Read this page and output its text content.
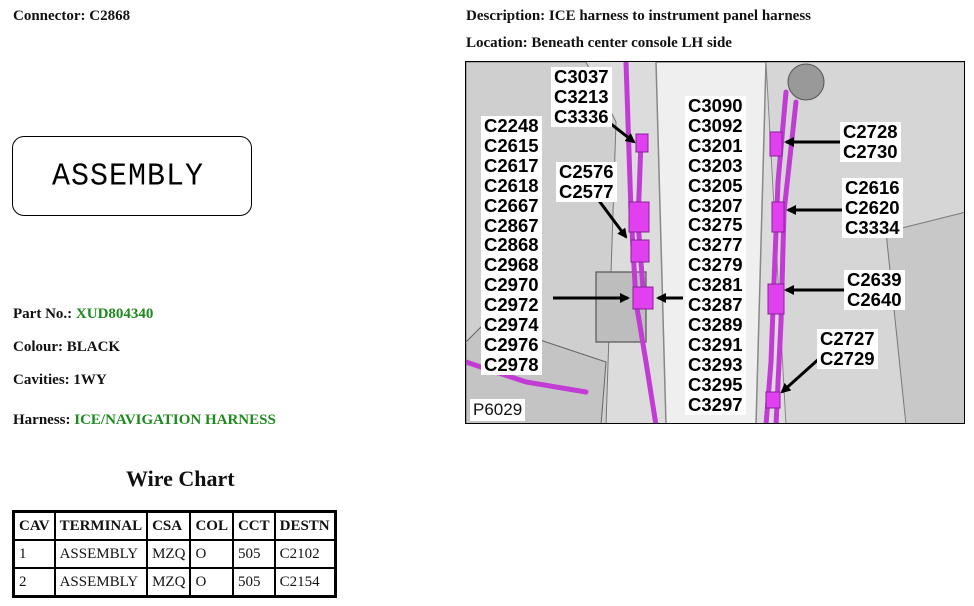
Connector: C2868	Description: ICE harness to instrument panel harness
Location: Beneath center console LH side
ASSEMBLY
Part No.: XUD804340
Colour: BLACK
Cavities: 1WY
Harness: ICE/NAVIGATION HARNESS
Wire Chart
CAV	TERMINAL	CSA	COL	CCT	DESTN
1	ASSEMBLY	MZQ	O	505	C2102
2	ASSEMBLY	MZQ	O	505	C2154
C3037
C3213
C3336
C2248
C2615
C2617
C2618
C2667
C2867
C2868
C2968
C2970
C2972
C2974
C2976
C2978
C2576
C2577
C3090
C3092
C3201
C3203
C3205
C3207
C3275
C3277
C3279
C3281
C3287
C3289
C3291
C3293
C3295
C3297
C2728
C2730
C2616
C2620
C3334
C2639
C2640
C2727
C2729
P6029
